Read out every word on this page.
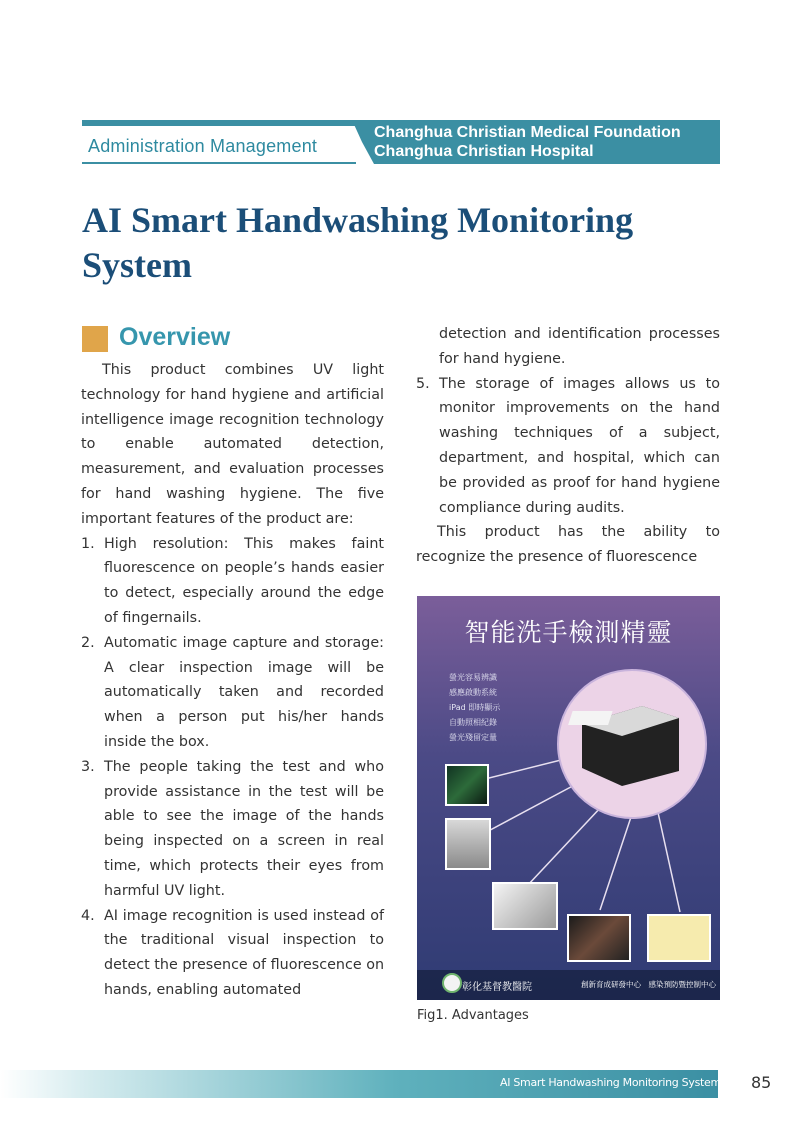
Administration Management
Changhua Christian Medical Foundation
Changhua Christian Hospital
AI Smart Handwashing Monitoring System
Overview

This product combines UV light technology for hand hygiene and artificial intelligence image recognition technology to enable automated detection, measurement, and evaluation processes for hand washing hygiene. The five important features of the product are:

1. High resolution: This makes faint fluorescence on people’s hands easier to detect, especially around the edge of fingernails.
2. Automatic image capture and storage: A clear inspection image will be automatically taken and recorded when a person put his/her hands inside the box.
3. The people taking the test and who provide assistance in the test will be able to see the image of the hands being inspected on a screen in real time, which protects their eyes from harmful UV light.
4. AI image recognition is used instead of the traditional visual inspection to detect the presence of fluorescence on hands, enabling automated
detection and identification processes for hand hygiene.
5. The storage of images allows us to monitor improvements on the hand washing techniques of a subject, department, and hospital, which can be provided as proof for hand hygiene compliance during audits.

This product has the ability to recognize the presence of fluorescence

智能洗手檢測精靈
螢光容易辨識
感應啟動系統
iPad 即時顯示
自動照相紀錄
螢光殘留定量
彰化基督教醫院	創新育成研發中心　感染預防暨控制中心
Fig1. Advantages
AI Smart Handwashing Monitoring System 85
